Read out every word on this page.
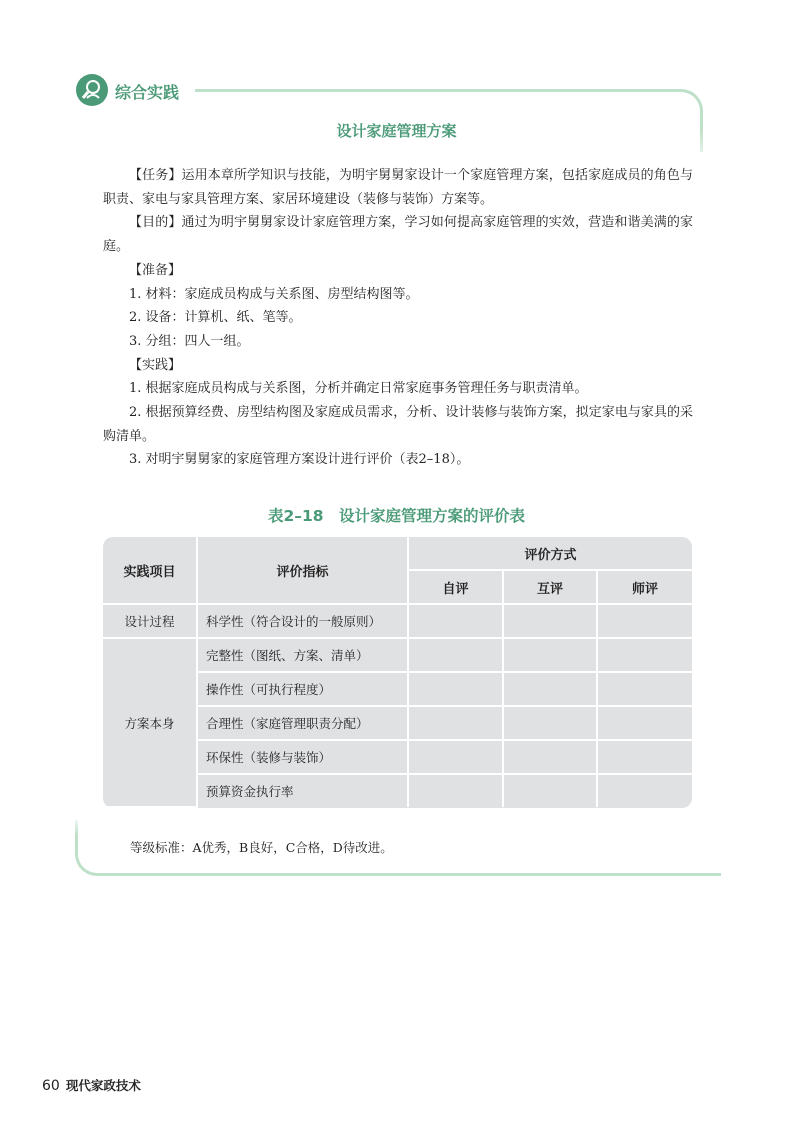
综合实践
设计家庭管理方案

【任务】运用本章所学知识与技能，为明宇舅舅家设计一个家庭管理方案，包括家庭成员的角色与职责、家电与家具管理方案、家居环境建设（装修与装饰）方案等。

【目的】通过为明宇舅舅家设计家庭管理方案，学习如何提高家庭管理的实效，营造和谐美满的家庭。

【准备】

1. 材料：家庭成员构成与关系图、房型结构图等。

2. 设备：计算机、纸、笔等。

3. 分组：四人一组。

【实践】

1. 根据家庭成员构成与关系图，分析并确定日常家庭事务管理任务与职责清单。

2. 根据预算经费、房型结构图及家庭成员需求，分析、设计装修与装饰方案，拟定家电与家具的采购清单。

3. 对明宇舅舅家的家庭管理方案设计进行评价（表2–18）。

表2–18　设计家庭管理方案的评价表
实践项目	评价指标	评价方式		
		自评	互评	师评
设计过程	科学性（符合设计的一般原则）			
方案本身	完整性（图纸、方案、清单）			
	操作性（可执行程度）			
	合理性（家庭管理职责分配）			
	环保性（装修与装饰）			
	预算资金执行率			
等级标准：A优秀，B良好，C合格，D待改进。
60 现代家政技术
